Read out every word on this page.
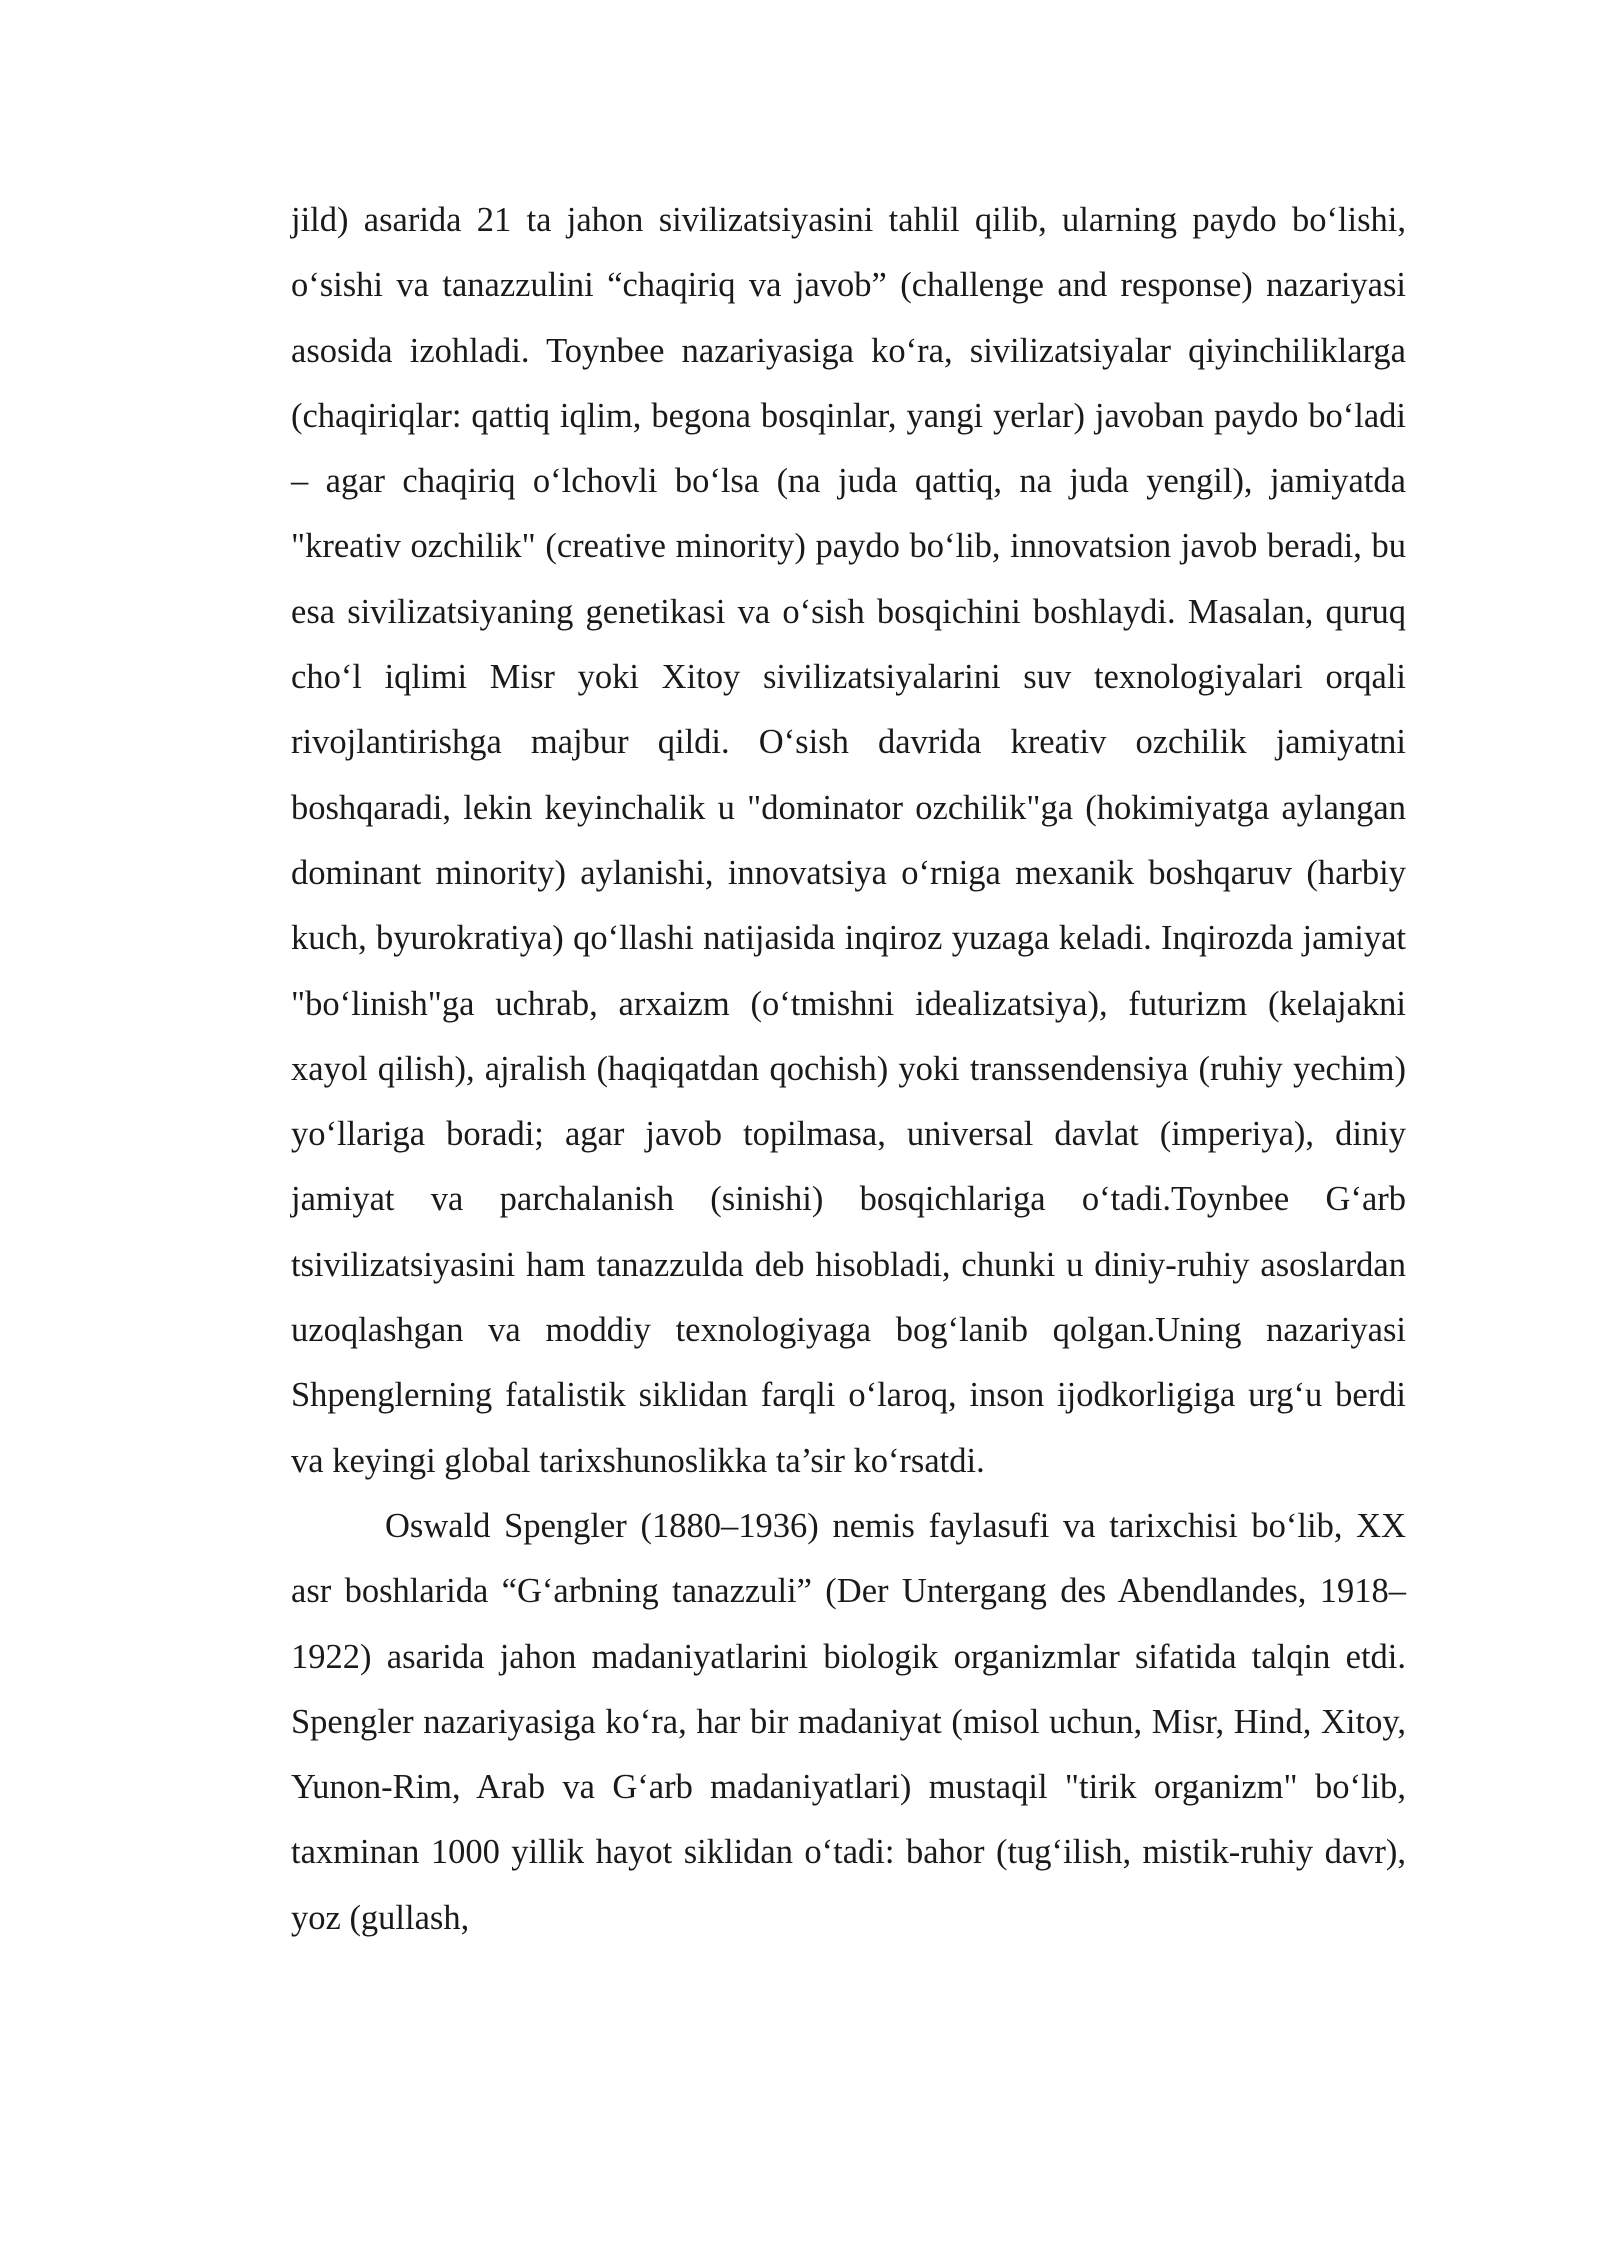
jild) asarida 21 ta jahon sivilizatsiyasini tahlil qilib, ularning paydo bo‘lishi, o‘sishi va tanazzulini “chaqiriq va javob” (challenge and response) nazariyasi asosida izohladi. Toynbee nazariyasiga ko‘ra, sivilizatsiyalar qiyinchiliklarga (chaqiriqlar: qattiq iqlim, begona bosqinlar, yangi yerlar) javoban paydo bo‘ladi – agar chaqiriq o‘lchovli bo‘lsa (na juda qattiq, na juda yengil), jamiyatda "kreativ ozchilik" (creative minority) paydo bo‘lib, innovatsion javob beradi, bu esa sivilizatsiyaning genetikasi va o‘sish bosqichini boshlaydi. Masalan, quruq cho‘l iqlimi Misr yoki Xitoy sivilizatsiyalarini suv texnologiyalari orqali rivojlantirishga majbur qildi. O‘sish davrida kreativ ozchilik jamiyatni boshqaradi, lekin keyinchalik u "dominator ozchilik"ga (hokimiyatga aylangan dominant minority) aylanishi, innovatsiya o‘rniga mexanik boshqaruv (harbiy kuch, byurokratiya) qo‘llashi natijasida inqiroz yuzaga keladi. Inqirozda jamiyat "bo‘linish"ga uchrab, arxaizm (o‘tmishni idealizatsiya), futurizm (kelajakni xayol qilish), ajralish (haqiqatdan qochish) yoki transsendensiya (ruhiy yechim) yo‘llariga boradi; agar javob topilmasa, universal davlat (imperiya), diniy jamiyat va parchalanish (sinishi) bosqichlariga o‘tadi.Toynbee G‘arb tsivilizatsiyasini ham tanazzulda deb hisobladi, chunki u diniy-ruhiy asoslardan uzoqlashgan va moddiy texnologiyaga bog‘lanib qolgan.Uning nazariyasi Shpenglerning fatalistik siklidan farqli o‘laroq, inson ijodkorligiga urg‘u berdi va keyingi global tarixshunoslikka ta’sir ko‘rsatdi.

Oswald Spengler (1880–1936) nemis faylasufi va tarixchisi bo‘lib, XX asr boshlarida “G‘arbning tanazzuli” (Der Untergang des Abendlandes, 1918–1922) asarida jahon madaniyatlarini biologik organizmlar sifatida talqin etdi. Spengler nazariyasiga ko‘ra, har bir madaniyat (misol uchun, Misr, Hind, Xitoy, Yunon-Rim, Arab va G‘arb madaniyatlari) mustaqil "tirik organizm" bo‘lib, taxminan 1000 yillik hayot siklidan o‘tadi: bahor (tug‘ilish, mistik-ruhiy davr), yoz (gullash,
